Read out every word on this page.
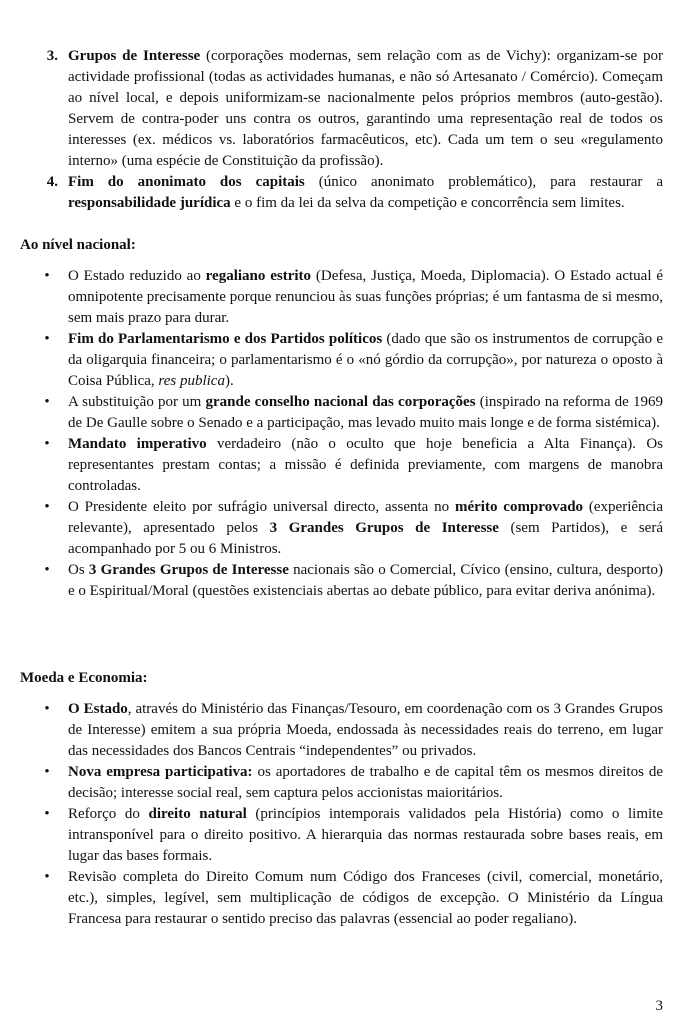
3. Grupos de Interesse (corporações modernas, sem relação com as de Vichy): organizam-se por actividade profissional (todas as actividades humanas, e não só Artesanato / Comércio). Começam ao nível local, e depois uniformizam-se nacionalmente pelos próprios membros (auto-gestão). Servem de contra-poder uns contra os outros, garantindo uma representação real de todos os interesses (ex. médicos vs. laboratórios farmacêuticos, etc). Cada um tem o seu «regulamento interno» (uma espécie de Constituição da profissão).
4. Fim do anonimato dos capitais (único anonimato problemático), para restaurar a responsabilidade jurídica e o fim da lei da selva da competição e concorrência sem limites.
Ao nível nacional:
•	O Estado reduzido ao regaliano estrito (Defesa, Justiça, Moeda, Diplomacia). O Estado actual é omnipotente precisamente porque renunciou às suas funções próprias; é um fantasma de si mesmo, sem mais prazo para durar.
•	Fim do Parlamentarismo e dos Partidos políticos (dado que são os instrumentos de corrupção e da oligarquia financeira; o parlamentarismo é o «nó górdio da corrupção», por natureza o oposto à Coisa Pública, res publica).
•	A substituição por um grande conselho nacional das corporações (inspirado na reforma de 1969 de De Gaulle sobre o Senado e a participação, mas levado muito mais longe e de forma sistémica).
•	Mandato imperativo verdadeiro (não o oculto que hoje beneficia a Alta Finança). Os representantes prestam contas; a missão é definida previamente, com margens de manobra controladas.
•	O Presidente eleito por sufrágio universal directo, assenta no mérito comprovado (experiência relevante), apresentado pelos 3 Grandes Grupos de Interesse (sem Partidos), e será acompanhado por 5 ou 6 Ministros.
•	Os 3 Grandes Grupos de Interesse nacionais são o Comercial, Cívico (ensino, cultura, desporto) e o Espiritual/Moral (questões existenciais abertas ao debate público, para evitar deriva anónima).
Moeda e Economia:
•	O Estado, através do Ministério das Finanças/Tesouro, em coordenação com os 3 Grandes Grupos de Interesse) emitem a sua própria Moeda, endossada às necessidades reais do terreno, em lugar das necessidades dos Bancos Centrais “independentes” ou privados.
•	Nova empresa participativa: os aportadores de trabalho e de capital têm os mesmos direitos de decisão; interesse social real, sem captura pelos accionistas maioritários.
•	Reforço do direito natural (princípios intemporais validados pela História) como o limite intransponível para o direito positivo. A hierarquia das normas restaurada sobre bases reais, em lugar das bases formais.
•	Revisão completa do Direito Comum num Código dos Franceses (civil, comercial, monetário, etc.), simples, legível, sem multiplicação de códigos de excepção. O Ministério da Língua Francesa para restaurar o sentido preciso das palavras (essencial ao poder regaliano).
3
